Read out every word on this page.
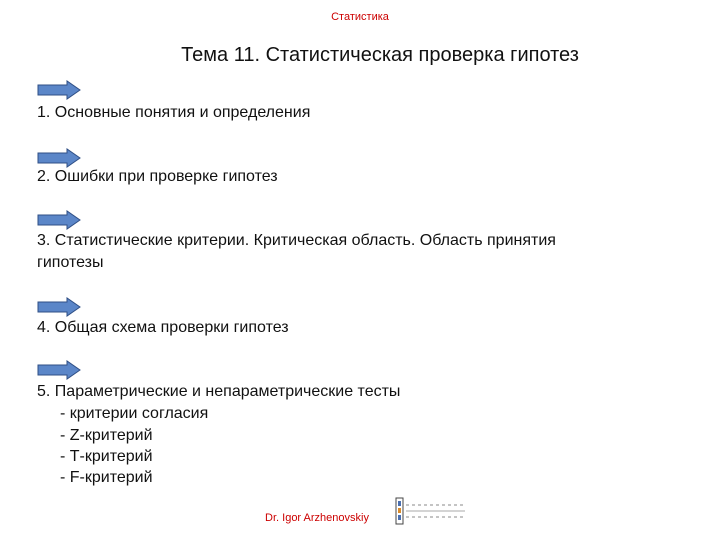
Статистика
Тема 11. Статистическая проверка гипотез
1. Основные понятия и определения
2. Ошибки при проверке гипотез
3. Статистические критерии. Критическая область. Область принятия
гипотезы
4. Общая схема проверки гипотез
5. Параметрические и непараметрические тесты
- критерии согласия
- Z-критерий
- Т-критерий
- F-критерий
Dr. Igor Arzhenovskiy
